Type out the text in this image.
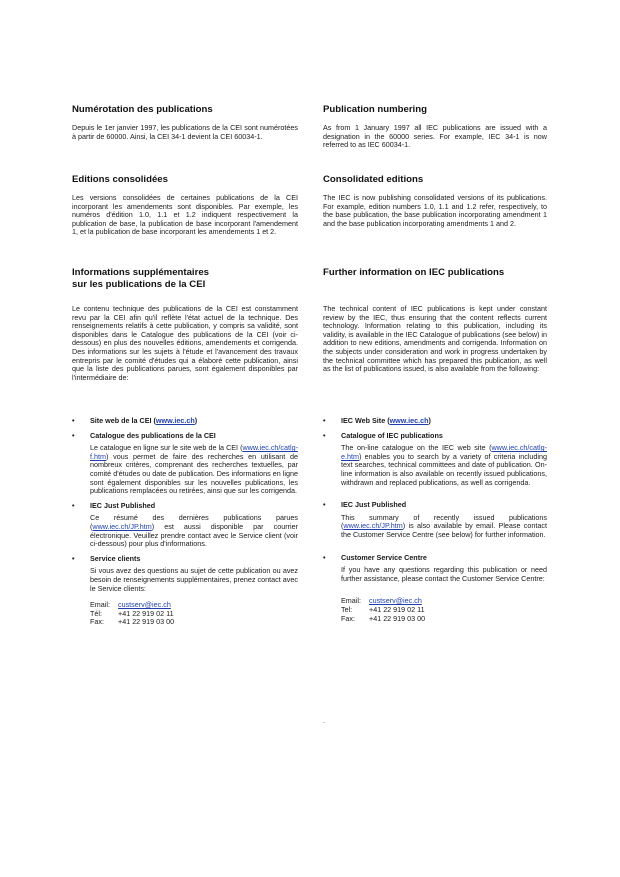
Numérotation des publications

Depuis le 1er janvier 1997, les publications de la CEI sont numérotées à partir de 60000. Ainsi, la CEI 34-1 devient la CEI 60034-1.

Editions consolidées

Les versions consolidées de certaines publications de la CEI incorporant les amendements sont disponibles. Par exemple, les numéros d'édition 1.0, 1.1 et 1.2 indiquent respectivement la publication de base, la publication de base incorporant l'amendement 1, et la publication de base incorporant les amendements 1 et 2.

Informations supplémentaires
sur les publications de la CEI

Le contenu technique des publications de la CEI est constamment revu par la CEI afin qu'il reflète l'état actuel de la technique. Des renseignements relatifs à cette publication, y compris sa validité, sont disponibles dans le Catalogue des publications de la CEI (voir ci-dessous) en plus des nouvelles éditions, amendements et corrigenda. Des informations sur les sujets à l'étude et l'avancement des travaux entrepris par le comité d'études qui a élaboré cette publication, ainsi que la liste des publications parues, sont également disponibles par l'intermédiaire de:

• Site web de la CEI (www.iec.ch)
• Catalogue des publications de la CEI
Le catalogue en ligne sur le site web de la CEI (www.iec.ch/catlg-f.htm) vous permet de faire des recherches en utilisant de nombreux critères, comprenant des recherches textuelles, par comité d'études ou date de publication. Des informations en ligne sont également disponibles sur les nouvelles publications, les publications remplacées ou retirées, ainsi que sur les corrigenda.
• IEC Just Published
Ce résumé des dernières publications parues (www.iec.ch/JP.htm) est aussi disponible par courrier électronique. Veuillez prendre contact avec le Service client (voir ci-dessous) pour plus d'informations.
• Service clients
Si vous avez des questions au sujet de cette publication ou avez besoin de renseignements supplémentaires, prenez contact avec le Service clients:
Email: custserv@iec.ch
Tél: +41 22 919 02 11
Fax: +41 22 919 03 00
Publication numbering

As from 1 January 1997 all IEC publications are issued with a designation in the 60000 series. For example, IEC 34-1 is now referred to as IEC 60034-1.

Consolidated editions

The IEC is now publishing consolidated versions of its publications. For example, edition numbers 1.0, 1.1 and 1.2 refer, respectively, to the base publication, the base publication incorporating amendment 1 and the base publication incorporating amendments 1 and 2.

Further information on IEC publications

The technical content of IEC publications is kept under constant review by the IEC, thus ensuring that the content reflects current technology. Information relating to this publication, including its validity, is available in the IEC Catalogue of publications (see below) in addition to new editions, amendments and corrigenda. Information on the subjects under consideration and work in progress undertaken by the technical committee which has prepared this publication, as well as the list of publications issued, is also available from the following:

• IEC Web Site (www.iec.ch)
• Catalogue of IEC publications
The on-line catalogue on the IEC web site (www.iec.ch/catlg-e.htm) enables you to search by a variety of criteria including text searches, technical committees and date of publication. On-line information is also available on recently issued publications, withdrawn and replaced publications, as well as corrigenda.
• IEC Just Published
This summary of recently issued publications (www.iec.ch/JP.htm) is also available by email. Please contact the Customer Service Centre (see below) for further information.
• Customer Service Centre
If you have any questions regarding this publication or need further assistance, please contact the Customer Service Centre:
Email: custserv@iec.ch
Tel: +41 22 919 02 11
Fax: +41 22 919 03 00
.
